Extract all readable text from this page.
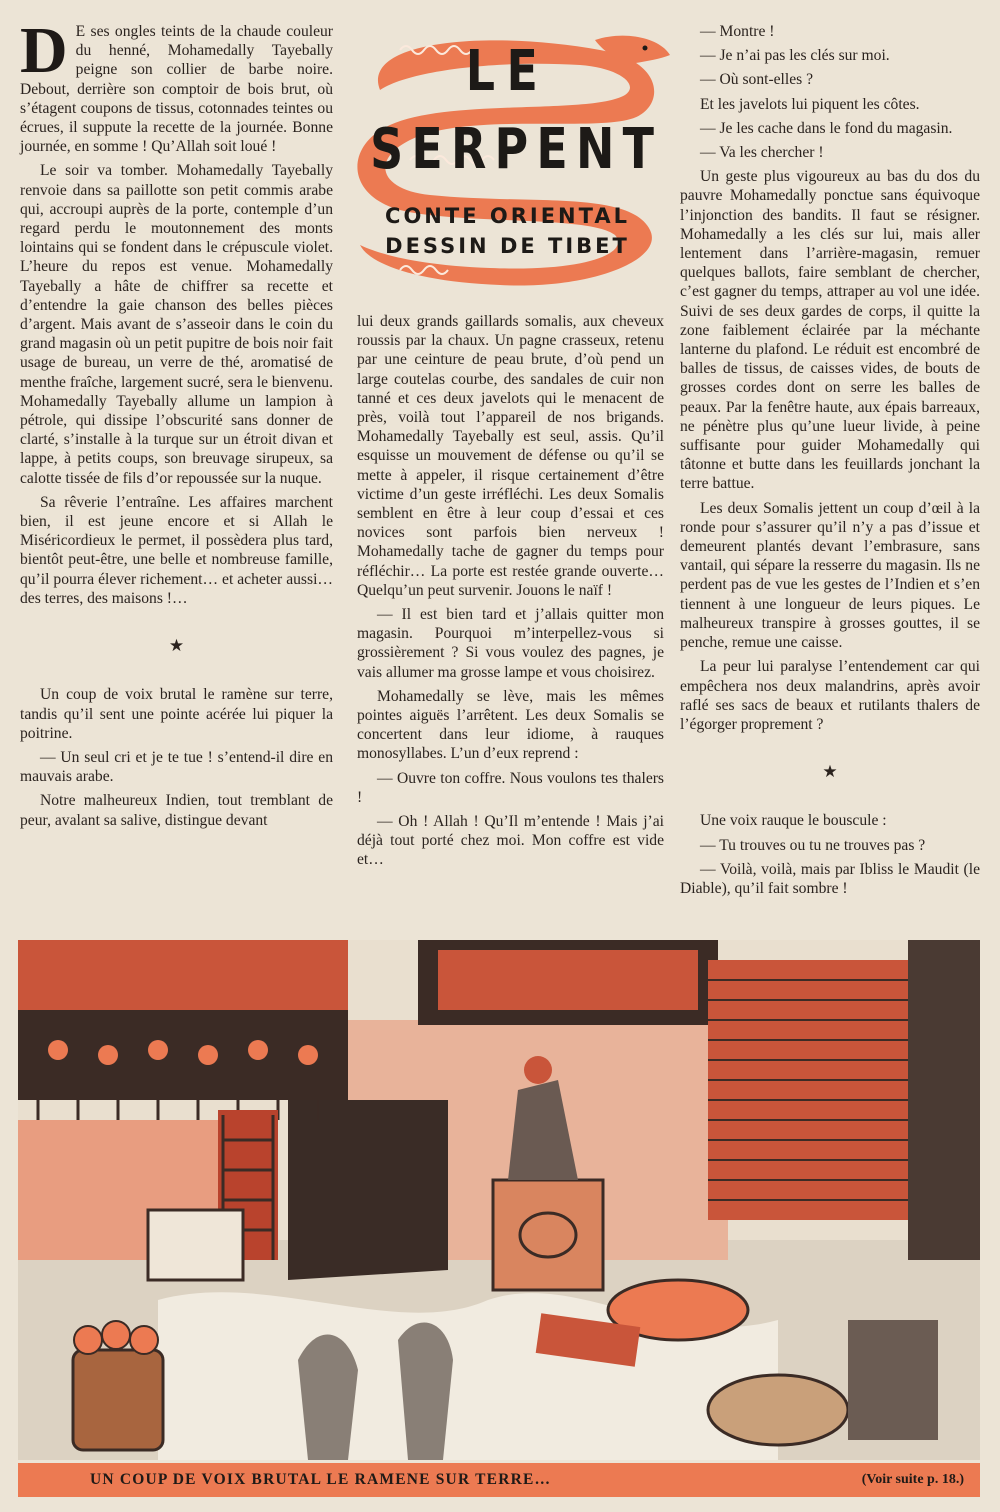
LE
SERPENT
CONTE ORIENTAL
DESSIN DE TIBET

D E ses ongles teints de la chaude couleur du henné, Mohamedally Tayebally peigne son collier de barbe noire. Debout, derrière son comptoir de bois brut, où s’étagent coupons de tissus, cotonnades teintes ou écrues, il suppute la recette de la journée. Bonne journée, en somme ! Qu’Allah soit loué !

Le soir va tomber. Mohamedally Tayebally renvoie dans sa paillotte son petit commis arabe qui, accroupi auprès de la porte, contemple d’un regard perdu le moutonnement des monts lointains qui se fondent dans le crépuscule violet. L’heure du repos est venue. Mohamedally Tayebally a hâte de chiffrer sa recette et d’entendre la gaie chanson des belles pièces d’argent. Mais avant de s’asseoir dans le coin du grand magasin où un petit pupitre de bois noir fait usage de bureau, un verre de thé, aromatisé de menthe fraîche, largement sucré, sera le bienvenu. Mohamedally Tayebally allume un lampion à pétrole, qui dissipe l’obscurité sans donner de clarté, s’installe à la turque sur un étroit divan et lappe, à petits coups, son breuvage sirupeux, sa calotte tissée de fils d’or repoussée sur la nuque.

Sa rêverie l’entraîne. Les affaires marchent bien, il est jeune encore et si Allah le Miséricordieux le permet, il possèdera plus tard, bientôt peut-être, une belle et nombreuse famille, qu’il pourra élever richement… et acheter aussi… des terres, des maisons !…

★

Un coup de voix brutal le ramène sur terre, tandis qu’il sent une pointe acérée lui piquer la poitrine.

— Un seul cri et je te tue ! s’entend-il dire en mauvais arabe.

Notre malheureux Indien, tout tremblant de peur, avalant sa salive, distingue devant

lui deux grands gaillards somalis, aux cheveux roussis par la chaux. Un pagne crasseux, retenu par une ceinture de peau brute, d’où pend un large coutelas courbe, des sandales de cuir non tanné et ces deux javelots qui le menacent de près, voilà tout l’appareil de nos brigands. Mohamedally Tayebally est seul, assis. Qu’il esquisse un mouvement de défense ou qu’il se mette à appeler, il risque certainement d’être victime d’un geste irréfléchi. Les deux Somalis semblent en être à leur coup d’essai et ces novices sont parfois bien nerveux ! Mohamedally tache de gagner du temps pour réfléchir… La porte est restée grande ouverte… Quelqu’un peut survenir. Jouons le naïf !

— Il est bien tard et j’allais quitter mon magasin. Pourquoi m’interpellez-vous si grossièrement ? Si vous voulez des pagnes, je vais allumer ma grosse lampe et vous choisirez.

Mohamedally se lève, mais les mêmes pointes aiguës l’arrêtent. Les deux Somalis se concertent dans leur idiome, à rauques monosyllabes. L’un d’eux reprend :

— Ouvre ton coffre. Nous voulons tes thalers !

— Oh ! Allah ! Qu’Il m’entende ! Mais j’ai déjà tout porté chez moi. Mon coffre est vide et…

— Montre !

— Je n’ai pas les clés sur moi.

— Où sont-elles ?

Et les javelots lui piquent les côtes.

— Je les cache dans le fond du magasin.

— Va les chercher !

Un geste plus vigoureux au bas du dos du pauvre Mohamedally ponctue sans équivoque l’injonction des bandits. Il faut se résigner. Mohamedally a les clés sur lui, mais aller lentement dans l’arrière-magasin, remuer quelques ballots, faire semblant de chercher, c’est gagner du temps, attraper au vol une idée. Suivi de ses deux gardes de corps, il quitte la zone faiblement éclairée par la méchante lanterne du plafond. Le réduit est encombré de balles de tissus, de caisses vides, de bouts de grosses cordes dont on serre les balles de peaux. Par la fenêtre haute, aux épais barreaux, ne pénètre plus qu’une lueur livide, à peine suffisante pour guider Mohamedally qui tâtonne et butte dans les feuillards jonchant la terre battue.

Les deux Somalis jettent un coup d’œil à la ronde pour s’assurer qu’il n’y a pas d’issue et demeurent plantés devant l’embrasure, sans vantail, qui sépare la resserre du magasin. Ils ne perdent pas de vue les gestes de l’Indien et s’en tiennent à une longueur de leurs piques. Le malheureux transpire à grosses gouttes, il se penche, remue une caisse.

La peur lui paralyse l’entendement car qui empêchera nos deux malandrins, après avoir raflé ses sacs de beaux et rutilants thalers de l’égorger proprement ?

★

Une voix rauque le bouscule :

— Tu trouves ou tu ne trouves pas ?

— Voilà, voilà, mais par Ibliss le Maudit (le Diable), qu’il fait sombre !

UN COUP DE VOIX BRUTAL LE RAMENE SUR TERRE…	(Voir suite p. 18.)
